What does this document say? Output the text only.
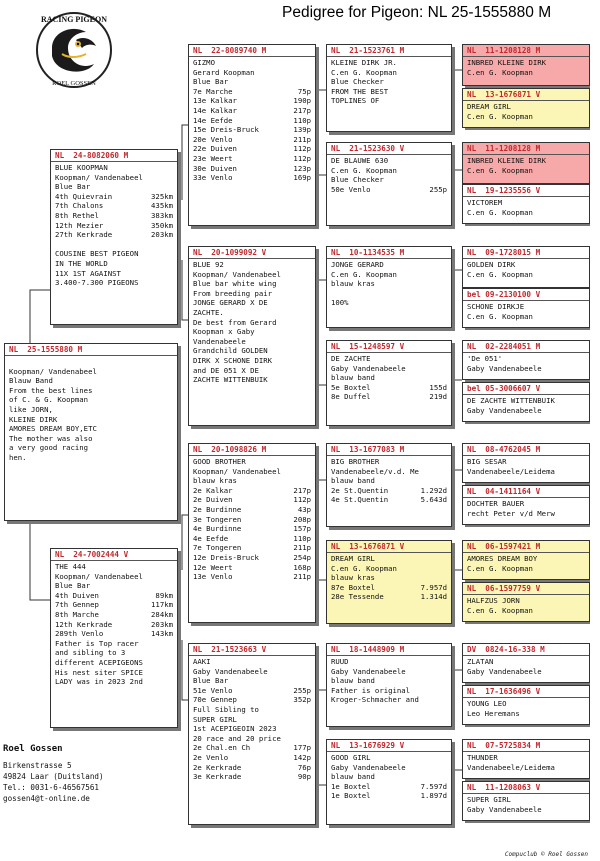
Pedigree for Pigeon: NL 25-1555880 M
RACING PIGEON
ROEL GOSSEN
NL  25-1555880 M

Koopman/ Vandenabeel
Blauw Band
From the best lines
of C. & G. Koopman
like JORN,
KLEINE DIRK
AMORES DREAM BOY,ETC
The mother was also
a very good racing
hen.
NL  24-8082060 M
BLUE KOOPMAN
Koopman/ Vandenabeel
Blue Bar
4th Quievrain	325km
7th Chalons	435km
8th Rethel	383km
12th Mezier	350km
27th Kerkrade	203km

COUSINE BEST PIGEON
IN THE WORLD
11X 1ST AGAINST
3.400-7.300 PIGEONS
NL  24-7002444 V
THE 444
Koopman/ Vandenabeel
Blue Bar
4th Duiven	89km
7th Gennep	117km
8th Marche	284km
12th Kerkrade	203km
289th Venlo	143km
Father is Top racer
and sibling to 3
different ACEPIGEONS
His nest siter SPICE
LADY was in 2023 2nd
NL  22-8089740 M
GIZMO
Gerard Koopman
Blue Bar
7e Marche	75p
13e Kalkar	190p
14e Kalkar	217p
14e Eefde	110p
15e Dreis-Bruck	139p
20e Venlo	211p
22e Duiven	112p
23e Weert	112p
30e Duiven	123p
33e Venlo	169p
NL  20-1099092 V
BLUE 92
Koopman/ Vandenabeel
Blue bar white wing
From breeding pair
JONGE GERARD X DE
ZACHTE.
De best from Gerard
Koopman x Gaby
Vandenabeele
Grandchild GOLDEN
DIRK X SCHONE DIRK
and DE 051 X DE
ZACHTE WITTENBUIK
NL  20-1098826 M
GOOD BROTHER
Koopman/ Vandenabeel
blauw kras
2e Kalkar	217p
2e Duiven	112p
2e Burdinne	43p
3e Tongeren	208p
4e Burdinne	157p
4e Eefde	110p
7e Tongeren	211p
12e Dreis-Bruck	254p
12e Weert	168p
13e Venlo	211p
NL  21-1523663 V
AAKI
Gaby Vandenabeele
Blue Bar
51e Venlo	255p
70e Gennep	352p
Full Sibling to
SUPER GIRL
1st ACEPIGEOIN 2023
20 race and 20 price
2e Chal.en Ch	177p
2e Venlo	142p
2e Kerkrade	76p
3e Kerkrade	90p
NL  21-1523761 M
KLEINE DIRK JR.
C.en G. Koopman
Blue Checker
FROM THE BEST
TOPLINES OF
NL  21-1523630 V
DE BLAUWE 630
C.en G. Koopman
Blue Checker
50e Venlo	255p
NL  10-1134535 M
JONGE GERARD
C.en G. Koopman
blauw kras

100%
NL  15-1248597 V
DE ZACHTE
Gaby Vandenabeele
blauw band
5e Boxtel	155d
8e Duffel	219d
NL  13-1677083 M
BIG BROTHER
Vandenabeele/v.d. Me
blauw band
2e St.Quentin	1.292d
4e St.Quentin	5.643d
NL  13-1676871 V
DREAM GIRL
C.en G. Koopman
blauw kras
87e Boxtel	7.957d
28e Tessende	1.314d
NL  18-1448909 M
RUUD
Gaby Vandenabeele
blauw band
Father is original
Kroger-Schmacher and
NL  13-1676929 V
GOOD GIRL
Gaby Vandenabeele
blauw band
1e Boxtel	7.597d
1e Boxtel	1.897d
NL  11-1208128 M
INBRED KLEINE DIRK
C.en G. Koopman
NL  13-1676871 V
DREAM GIRL
C.en G. Koopman
NL  11-1208128 M
INBRED KLEINE DIRK
C.en G. Koopman
NL  19-1235556 V
VICTOREM
C.en G. Koopman
NL  09-1728015 M
GOLDEN DIRK
C.en G. Koopman
bel 09-2130100 V
SCHONE DIRKJE
C.en G. Koopman
NL  02-2284051 M
'De 051'
Gaby Vandenabeele
bel 05-3006607 V
DE ZACHTE WITTENBUIK
Gaby Vandenabeele
NL  08-4762045 M
BIG SESAR
Vandenabeele/Leidema
NL  04-1411164 V
DOCHTER BAUER
recht Peter v/d Merw
NL  06-1597421 M
AMORES DREAM BOY
C.en G. Koopman
NL  06-1597759 V
HALFZUS JORN
C.en G. Koopman
DV  0824-16-338 M
ZLATAN
Gaby Vandenabeele
NL  17-1636496 V
YOUNG LEO
Leo Heremans
NL  07-5725834 M
THUNDER
Vandenabeele/Leidema
NL  11-1208063 V
SUPER GIRL
Gaby Vandenabeele
Roel Gossen
Birkenstrasse 5
49824 Laar (Duitsland)
Tel.: 0031-6-46567561
gossen4@t-online.de
Compuclub © Roel Gossen
